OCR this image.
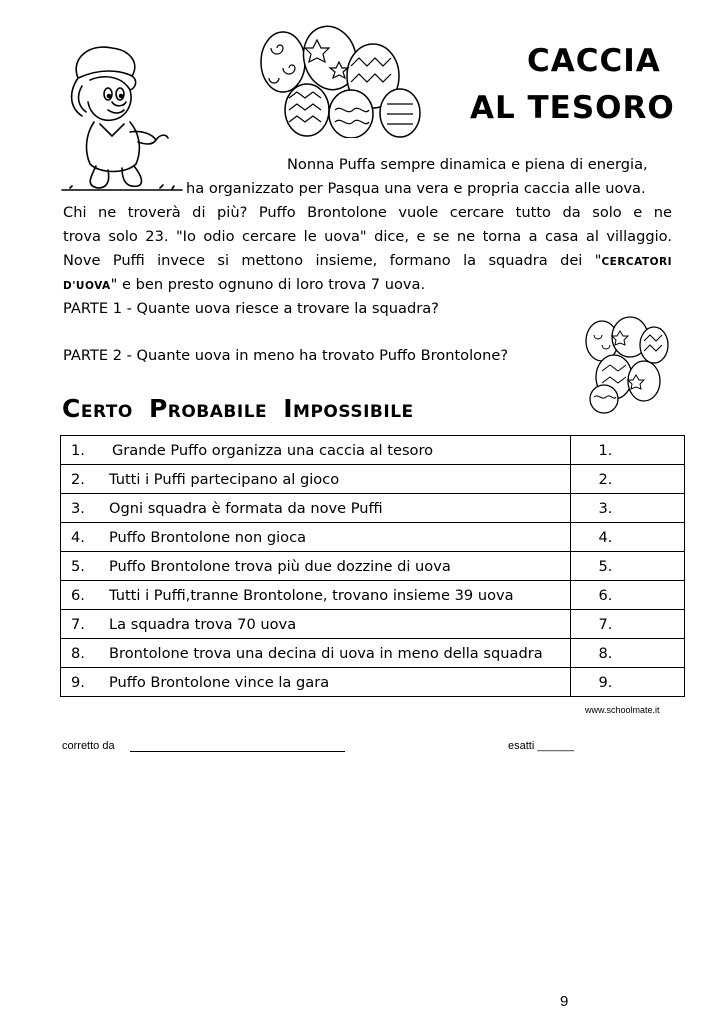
CACCIA
AL TESORO
Nonna Puffa sempre dinamica e piena di energia,
ha organizzato per Pasqua una vera e propria caccia alle uova.
Chi ne troverà di più? Puffo Brontolone vuole cercare tutto da solo e ne
trova solo 23. "Io odio cercare le uova" dice, e se ne torna a casa al villaggio.
Nove Puffi invece si mettono insieme, formano la squadra dei "CERCATORI
D'UOVA" e ben presto ognuno di loro trova 7 uova.
PARTE 1 - Quante uova riesce a trovare la squadra?
PARTE 2 - Quante uova in meno ha trovato Puffo Brontolone?
CERTO PROBABILE IMPOSSIBILE
1. Grande Puffo organizza una caccia al tesoro	1.
2. Tutti i Puffi partecipano al gioco	2.
3. Ogni squadra è formata da nove Puffi	3.
4. Puffo Brontolone non gioca	4.
5. Puffo Brontolone trova più due dozzine di uova	5.
6. Tutti i Puffi,tranne Brontolone, trovano insieme 39 uova	6.
7. La squadra trova 70 uova	7.
8. Brontolone trova una decina di uova in meno della squadra	8.
9. Puffo Brontolone vince la gara	9.
www.schoolmate.it
corretto da	esatti ______
9
